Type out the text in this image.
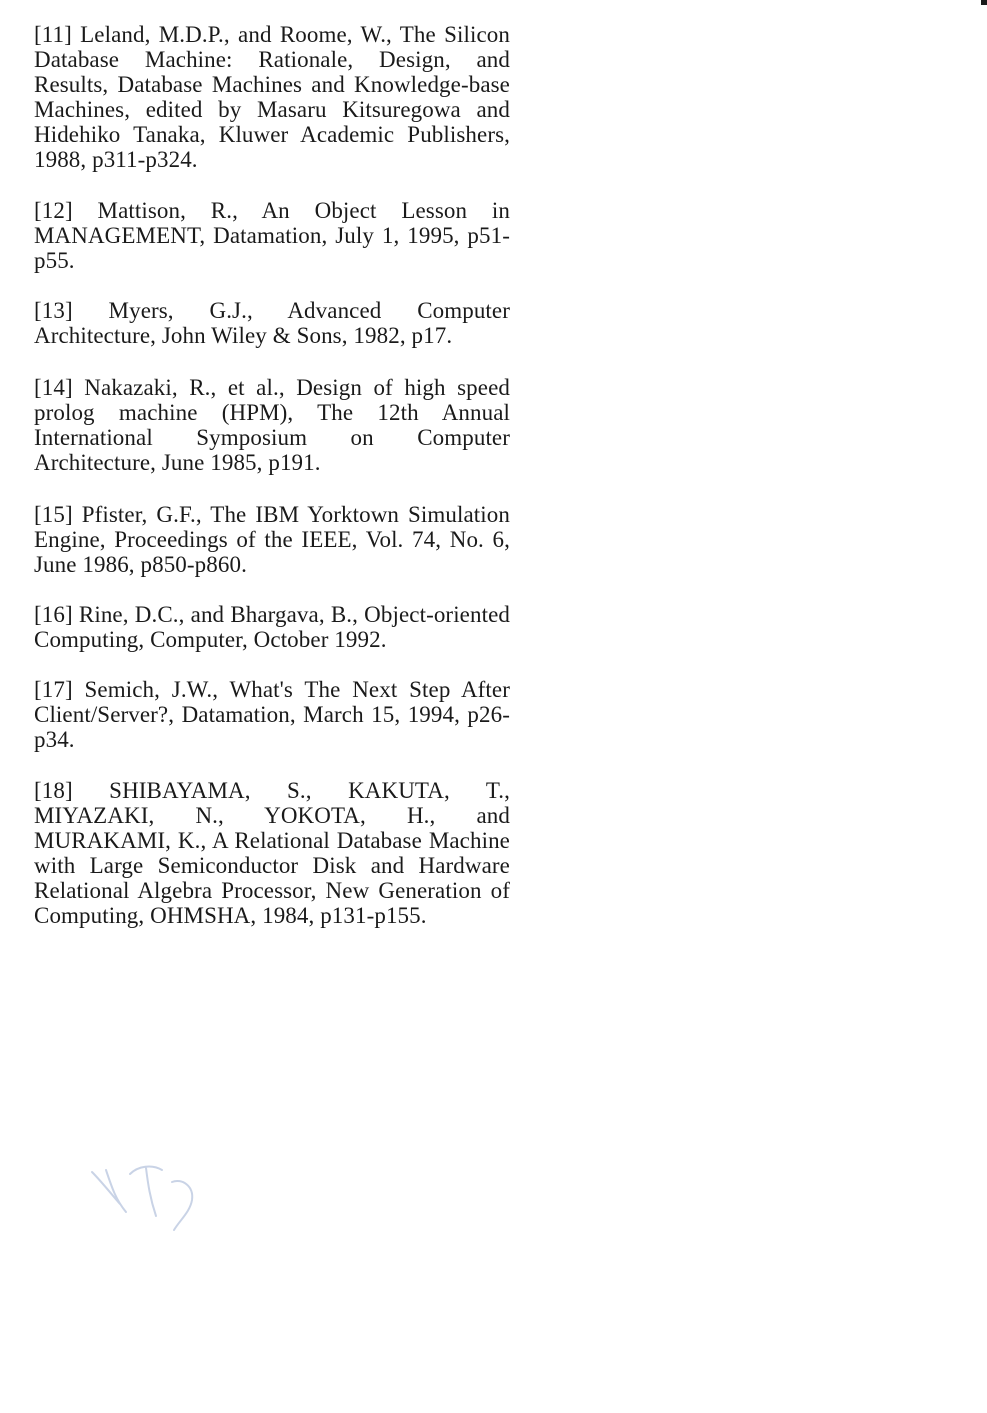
[11] Leland, M.D.P., and Roome, W., The Silicon Database Machine: Rationale, Design, and Results, Database Machines and Knowledge-base Machines, edited by Masaru Kitsuregowa and Hidehiko Tanaka, Kluwer Academic Publishers, 1988, p311-p324.

[12] Mattison, R., An Object Lesson in MANAGEMENT, Datamation, July 1, 1995, p51-p55.

[13] Myers, G.J., Advanced Computer Architecture, John Wiley & Sons, 1982, p17.

[14] Nakazaki, R., et al., Design of high speed prolog machine (HPM), The 12th Annual International Symposium on Computer Architecture, June 1985, p191.

[15] Pfister, G.F., The IBM Yorktown Simulation Engine, Proceedings of the IEEE, Vol. 74, No. 6, June 1986, p850-p860.

[16] Rine, D.C., and Bhargava, B., Object-oriented Computing, Computer, October 1992.

[17] Semich, J.W., What's The Next Step After Client/Server?, Datamation, March 15, 1994, p26-p34.

[18] SHIBAYAMA, S., KAKUTA, T., MIYAZAKI, N., YOKOTA, H., and MURAKAMI, K., A Relational Database Machine with Large Semiconductor Disk and Hardware Relational Algebra Processor, New Generation of Computing, OHMSHA, 1984, p131-p155.
